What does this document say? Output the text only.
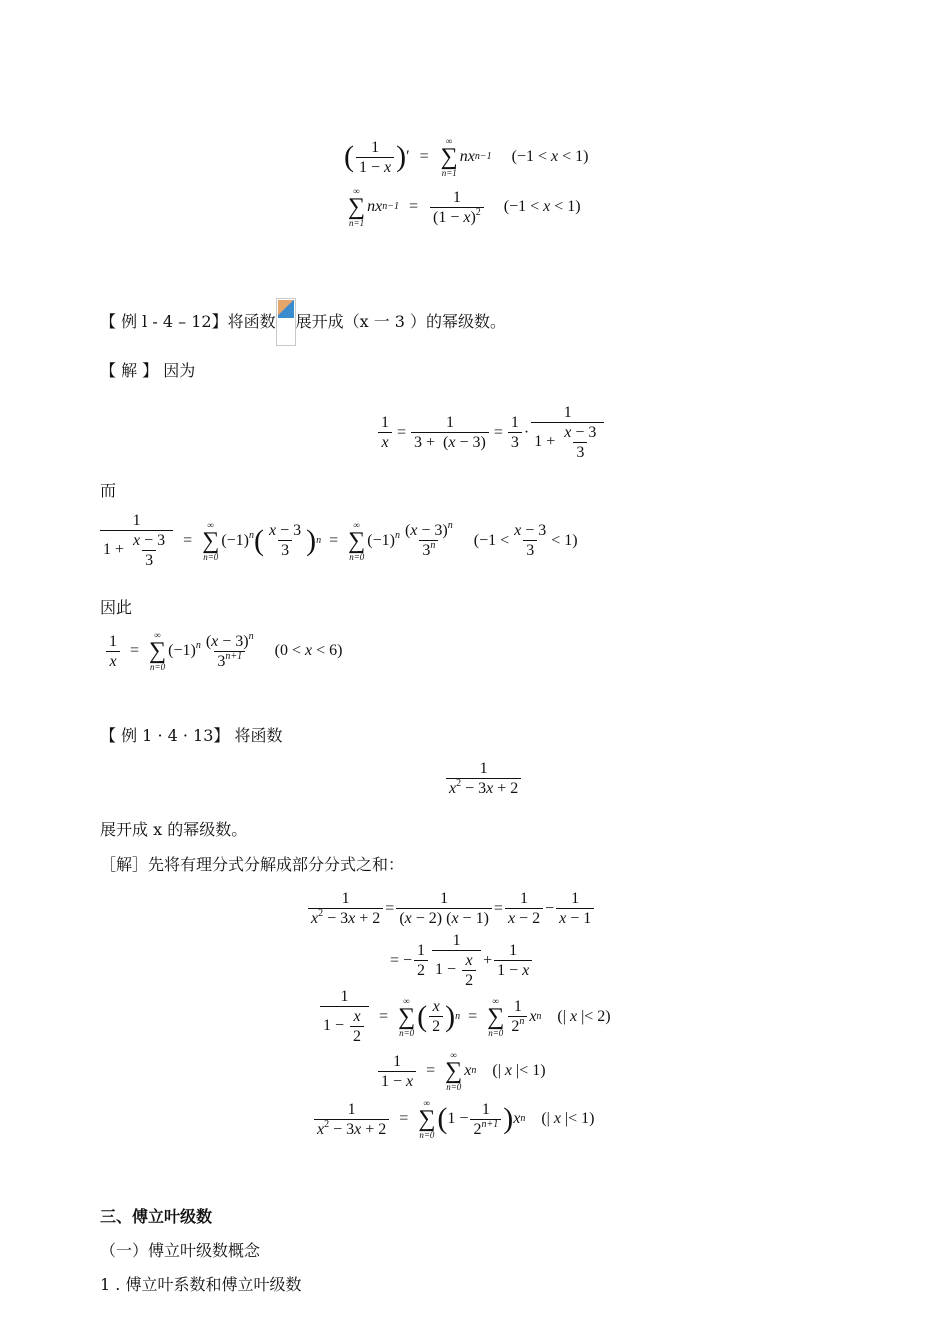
( $\frac{1}{1 - x}$ ) ′ =
∞
∑
n=1
nx n−1 (−1 < x < 1)
∞
∑
n=1
nx $n-1 = \frac{1}{(1 - x)^2} (-1 < x < 1)$
【 例 l - 4 – 12】将函数 展开成（x 一 3 ）的幂级数。
【 解 】 因为
$\frac{1}{x} = \frac{1}{3 + (x - 3)} = \frac{1}{3} \cdot \frac{1}{1 + \frac{x - 3}{3}}$
而
$\frac{1}{1 + \frac{x - 3}{3}}$ =
∞
∑
n=0
$(-1)^n$ ( $\frac{x - 3}{3}$ ) n =
∞
∑
n=0
$(-1)^n \frac{(x - 3)^n}{3^n} (-1 < \frac{x - 3}{3} < 1)$
因此
$\frac{1}{x}$ =
∞
∑
n=0
$(-1)^n \frac{(x - 3)^n}{3^{n+1}} (0 < x < 6)$
【 例 1 · 4 · 13】 将函数
$\frac{1}{x^2 - 3x + 2}$
展开成 x 的幂级数。
［解］先将有理分式分解成部分分式之和：
$\frac{1}{x^2 - 3x + 2} = \frac{1}{(x - 2) (x - 1)} = \frac{1}{x - 2} - \frac{1}{x - 1}$
= − $\frac{1}{2} \frac{1}{1 - \frac{x}{2}} + \frac{1}{1 - x}$
$\frac{1}{1 - \frac{x}{2}}$ =
∞
∑
n=0 ( $\frac{x}{2}$ ) n =
∞
∑
$n=0 \frac{1}{2^n}$ x n (| x |< 2)
$\frac{1}{1 - x}$ =
∞
∑
n=0
x n (| x |< 1)
$\frac{1}{x^2 - 3x + 2}$ =
∞
∑
n=0 ( $1 - \frac{1}{2^{n+1}}$ ) x n (| x |< 1)
三、傅立叶级数
（一）傅立叶级数概念
1 . 傅立叶系数和傅立叶级数
